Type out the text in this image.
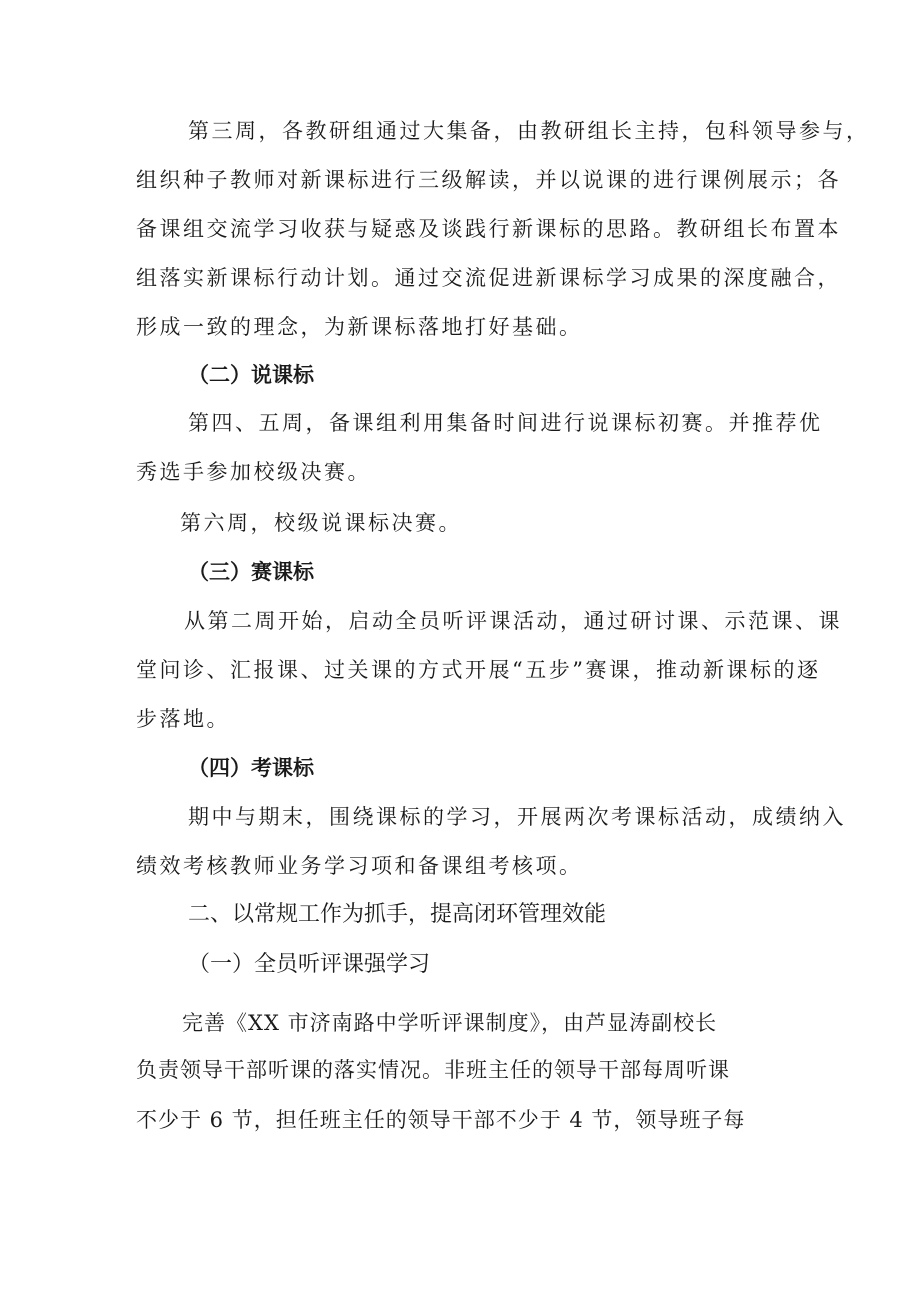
第三周，各教研组通过大集备，由教研组长主持，包科领导参与，
组织种子教师对新课标进行三级解读，并以说课的进行课例展示；各
备课组交流学习收获与疑惑及谈践行新课标的思路。教研组长布置本
组落实新课标行动计划。通过交流促进新课标学习成果的深度融合，
形成一致的理念，为新课标落地打好基础。
（二）说课标
第四、五周，备课组利用集备时间进行说课标初赛。并推荐优
秀选手参加校级决赛。
第六周，校级说课标决赛。
（三）赛课标
从第二周开始，启动全员听评课活动，通过研讨课、示范课、课
堂问诊、汇报课、过关课的方式开展“五步”赛课，推动新课标的逐
步落地。
（四）考课标
期中与期末，围绕课标的学习，开展两次考课标活动，成绩纳入
绩效考核教师业务学习项和备课组考核项。
二、以常规工作为抓手，提高闭环管理效能
（一）全员听评课强学习
完善《XX 市济南路中学听评课制度》，由芦显涛副校长
负责领导干部听课的落实情况。非班主任的领导干部每周听课
不少于 6 节，担任班主任的领导干部不少于 4 节，领导班子每
